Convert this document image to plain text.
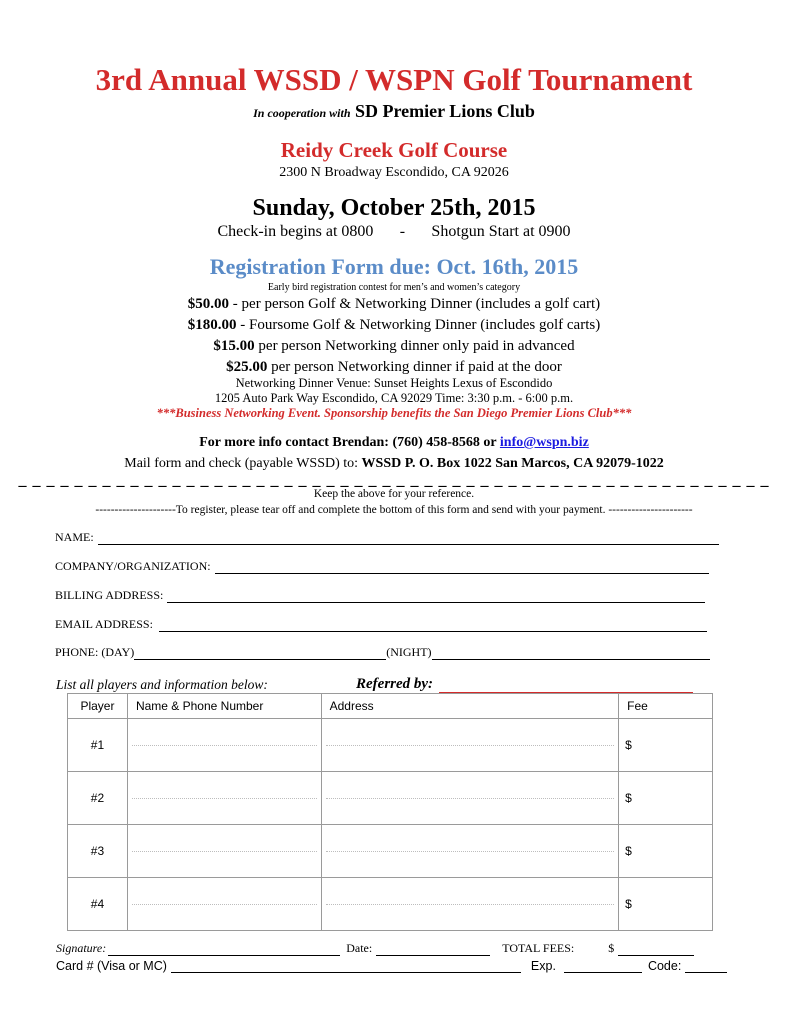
3rd Annual WSSD / WSPN Golf Tournament
In cooperation with SD Premier Lions Club
Reidy Creek Golf Course
2300 N Broadway Escondido, CA 92026
Sunday, October 25th, 2015
Check-in begins at 0800 - Shotgun Start at 0900
Registration Form due: Oct. 16th, 2015
Early bird registration contest for men’s and women’s category
$50.00 - per person Golf & Networking Dinner (includes a golf cart)
$180.00 - Foursome Golf & Networking Dinner (includes golf carts)
$15.00 per person Networking dinner only paid in advanced
$25.00 per person Networking dinner if paid at the door
Networking Dinner Venue: Sunset Heights Lexus of Escondido
1205 Auto Park Way Escondido, CA 92029 Time: 3:30 p.m. - 6:00 p.m.
***Business Networking Event. Sponsorship benefits the San Diego Premier Lions Club***
For more info contact Brendan: (760) 458-8568 or info@wspn.biz
Mail form and check (payable WSSD) to: WSSD P. O. Box 1022 San Marcos, CA 92079-1022
_ _ _ _ _ _ _ _ _ _ _ _ _ _ _ _ _ _ _ _ _ _ _ _ _ _ _ _ _ _ _ _ _ _ _ _ _ _ _ _ _ _ _ _ _ _ _ _ _ _ _ _ _ _
Keep the above for your reference.
---------------------To register, please tear off and complete the bottom of this form and send with your payment. ----------------------
NAME:
COMPANY/ORGANIZATION:
BILLING ADDRESS:
EMAIL ADDRESS:
PHONE: (DAY)	(NIGHT)
List all players and information below:	Referred by:
Player	Name & Phone Number	Address	Fee
#1			$
#2			$
#3			$
#4			$
Signature:	Date:	TOTAL FEES:	$
Card # (Visa or MC)	Exp.	Code:
